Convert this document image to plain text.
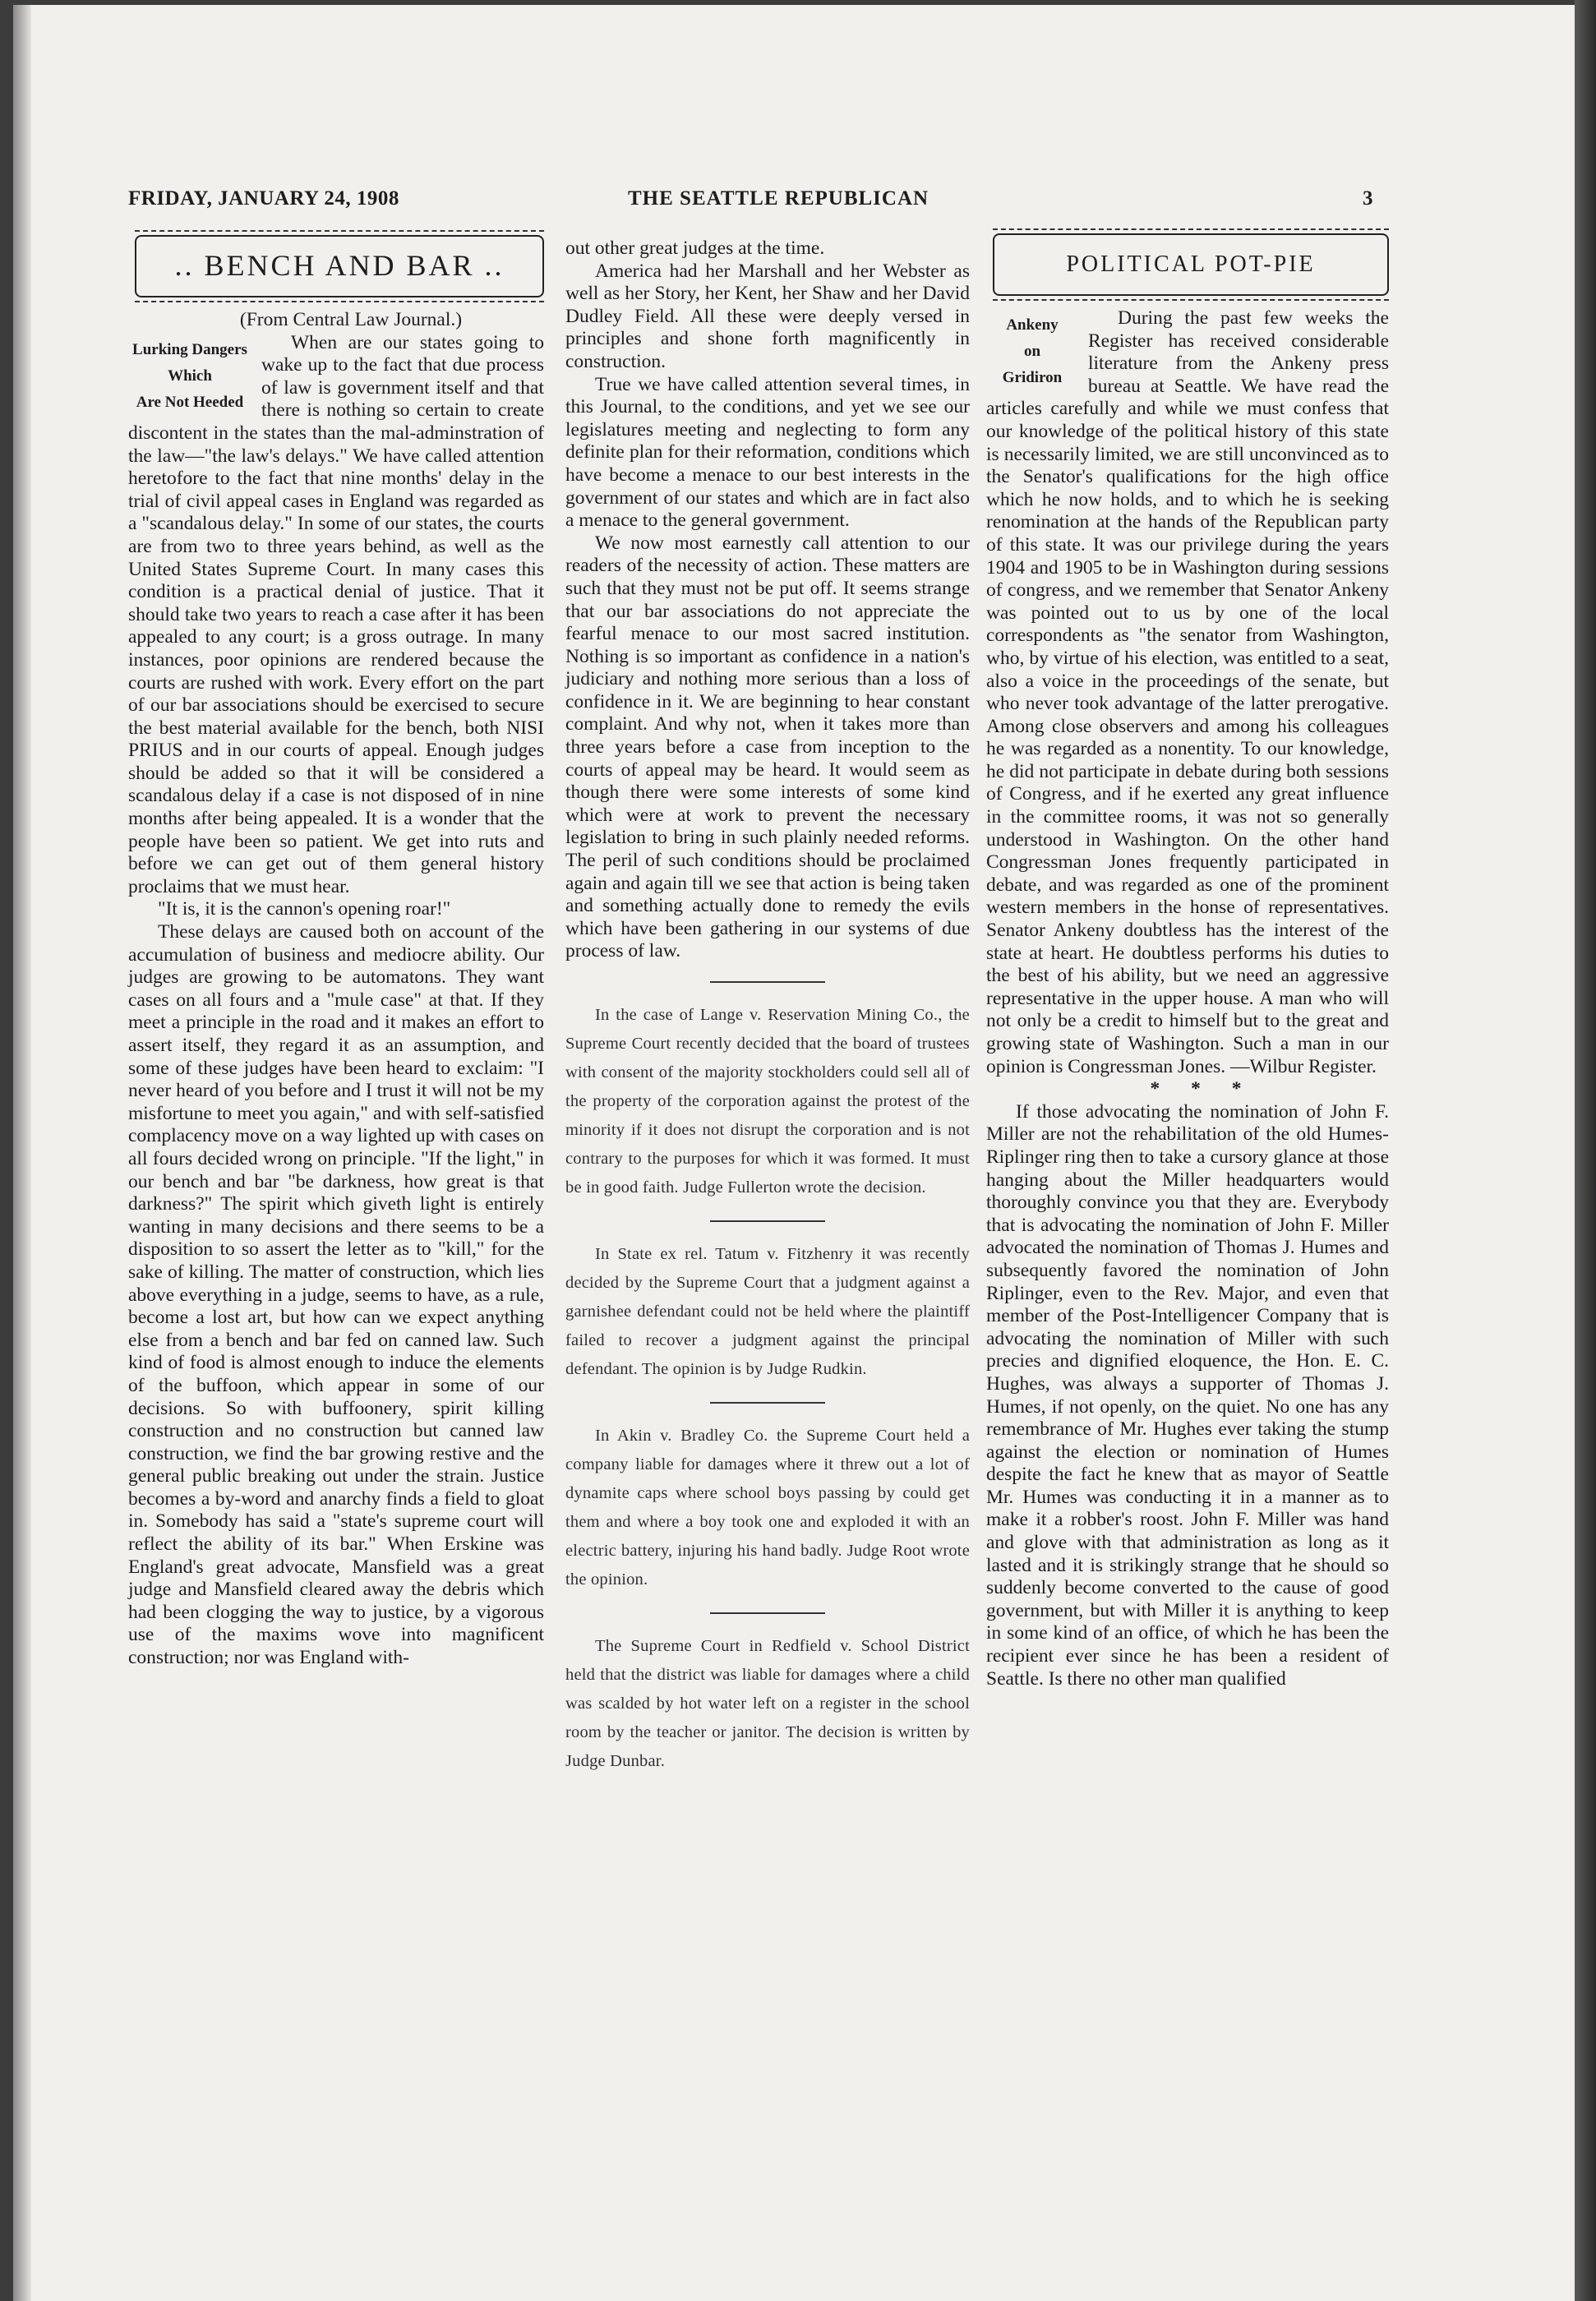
FRIDAY, JANUARY 24, 1908	THE SEATTLE REPUBLICAN	3
.. BENCH AND BAR ..

(From Central Law Journal.)

Lurking Dangers
Which
Are Not Heeded

When are our states going to wake up to the fact that due process of law is government itself and that there is nothing so certain to create discontent in the states than the mal-adminstration of the law—"the law's delays." We have called attention heretofore to the fact that nine months' delay in the trial of civil appeal cases in England was regarded as a "scandalous delay." In some of our states, the courts are from two to three years behind, as well as the United States Supreme Court. In many cases this condition is a practical denial of justice. That it should take two years to reach a case after it has been appealed to any court; is a gross outrage. In many instances, poor opinions are rendered because the courts are rushed with work. Every effort on the part of our bar associations should be exercised to secure the best material available for the bench, both NISI PRIUS and in our courts of appeal. Enough judges should be added so that it will be considered a scandalous delay if a case is not disposed of in nine months after being appealed. It is a wonder that the people have been so patient. We get into ruts and before we can get out of them general history proclaims that we must hear.

"It is, it is the cannon's opening roar!"

These delays are caused both on account of the accumulation of business and mediocre ability. Our judges are growing to be automatons. They want cases on all fours and a "mule case" at that. If they meet a principle in the road and it makes an effort to assert itself, they regard it as an assumption, and some of these judges have been heard to exclaim: "I never heard of you before and I trust it will not be my misfortune to meet you again," and with self-satisfied complacency move on a way lighted up with cases on all fours decided wrong on principle. "If the light," in our bench and bar "be darkness, how great is that darkness?" The spirit which giveth light is entirely wanting in many decisions and there seems to be a disposition to so assert the letter as to "kill," for the sake of killing. The matter of construction, which lies above everything in a judge, seems to have, as a rule, become a lost art, but how can we expect anything else from a bench and bar fed on canned law. Such kind of food is almost enough to induce the elements of the buffoon, which appear in some of our decisions. So with buffoonery, spirit killing construction and no construction but canned law construction, we find the bar growing restive and the general public breaking out under the strain. Justice becomes a by-word and anarchy finds a field to gloat in. Somebody has said a "state's supreme court will reflect the ability of its bar." When Erskine was England's great advocate, Mansfield was a great judge and Mansfield cleared away the debris which had been clogging the way to justice, by a vigorous use of the maxims wove into magnificent construction; nor was England with-

out other great judges at the time.

America had her Marshall and her Webster as well as her Story, her Kent, her Shaw and her David Dudley Field. All these were deeply versed in principles and shone forth magnificently in construction.

True we have called attention several times, in this Journal, to the conditions, and yet we see our legislatures meeting and neglecting to form any definite plan for their reformation, conditions which have become a menace to our best interests in the government of our states and which are in fact also a menace to the general government.

We now most earnestly call attention to our readers of the necessity of action. These matters are such that they must not be put off. It seems strange that our bar associations do not appreciate the fearful menace to our most sacred institution. Nothing is so important as confidence in a nation's judiciary and nothing more serious than a loss of confidence in it. We are beginning to hear constant complaint. And why not, when it takes more than three years before a case from inception to the courts of appeal may be heard. It would seem as though there were some interests of some kind which were at work to prevent the necessary legislation to bring in such plainly needed reforms. The peril of such conditions should be proclaimed again and again till we see that action is being taken and something actually done to remedy the evils which have been gathering in our systems of due process of law.

In the case of Lange v. Reservation Mining Co., the Supreme Court recently decided that the board of trustees with consent of the majority stockholders could sell all of the property of the corporation against the protest of the minority if it does not disrupt the corporation and is not contrary to the purposes for which it was formed. It must be in good faith. Judge Fullerton wrote the decision.

In State ex rel. Tatum v. Fitzhenry it was recently decided by the Supreme Court that a judgment against a garnishee defendant could not be held where the plaintiff failed to recover a judgment against the principal defendant. The opinion is by Judge Rudkin.

In Akin v. Bradley Co. the Supreme Court held a company liable for damages where it threw out a lot of dynamite caps where school boys passing by could get them and where a boy took one and exploded it with an electric battery, injuring his hand badly. Judge Root wrote the opinion.

The Supreme Court in Redfield v. School District held that the district was liable for damages where a child was scalded by hot water left on a register in the school room by the teacher or janitor. The decision is written by Judge Dunbar.

POLITICAL POT-PIE
Ankeny
on
Gridiron

During the past few weeks the Register has received considerable literature from the Ankeny press bureau at Seattle. We have read the articles carefully and while we must confess that our knowledge of the political history of this state is necessarily limited, we are still unconvinced as to the Senator's qualifications for the high office which he now holds, and to which he is seeking renomination at the hands of the Republican party of this state. It was our privilege during the years 1904 and 1905 to be in Washington during sessions of congress, and we remember that Senator Ankeny was pointed out to us by one of the local correspondents as "the senator from Washington, who, by virtue of his election, was entitled to a seat, also a voice in the proceedings of the senate, but who never took advantage of the latter prerogative. Among close observers and among his colleagues he was regarded as a nonentity. To our knowledge, he did not participate in debate during both sessions of Congress, and if he exerted any great influence in the committee rooms, it was not so generally understood in Washington. On the other hand Congressman Jones frequently participated in debate, and was regarded as one of the prominent western members in the honse of representatives. Senator Ankeny doubtless has the interest of the state at heart. He doubtless performs his duties to the best of his ability, but we need an aggressive representative in the upper house. A man who will not only be a credit to himself but to the great and growing state of Washington. Such a man in our opinion is Congressman Jones. —Wilbur Register.

* * *

If those advocating the nomination of John F. Miller are not the rehabilitation of the old Humes-Riplinger ring then to take a cursory glance at those hanging about the Miller headquarters would thoroughly convince you that they are. Everybody that is advocating the nomination of John F. Miller advocated the nomination of Thomas J. Humes and subsequently favored the nomination of John Riplinger, even to the Rev. Major, and even that member of the Post-Intelligencer Company that is advocating the nomination of Miller with such precies and dignified eloquence, the Hon. E. C. Hughes, was always a supporter of Thomas J. Humes, if not openly, on the quiet. No one has any remembrance of Mr. Hughes ever taking the stump against the election or nomination of Humes despite the fact he knew that as mayor of Seattle Mr. Humes was conducting it in a manner as to make it a robber's roost. John F. Miller was hand and glove with that administration as long as it lasted and it is strikingly strange that he should so suddenly become converted to the cause of good government, but with Miller it is anything to keep in some kind of an office, of which he has been the recipient ever since he has been a resident of Seattle. Is there no other man qualified
